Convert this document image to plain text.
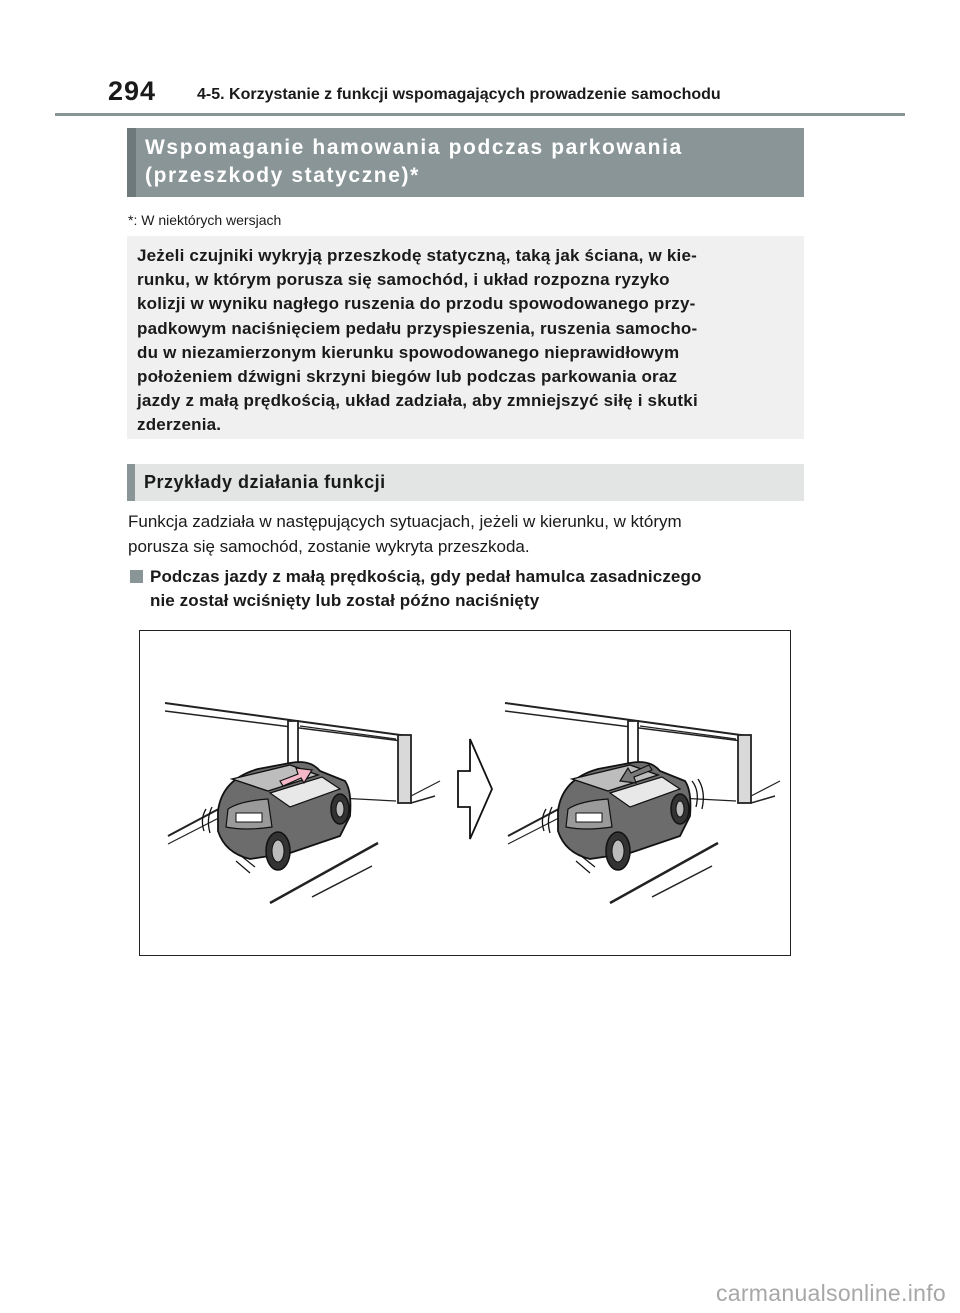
294	4-5. Korzystanie z funkcji wspomagających prowadzenie samochodu
Wspomaganie hamowania podczas parkowania
(przeszkody statyczne)*
*: W niektórych wersjach
Jeżeli czujniki wykryją przeszkodę statyczną, taką jak ściana, w kie-
runku, w którym porusza się samochód, i układ rozpozna ryzyko
kolizji w wyniku nagłego ruszenia do przodu spowodowanego przy-
padkowym naciśnięciem pedału przyspieszenia, ruszenia samocho-
du w niezamierzonym kierunku spowodowanego nieprawidłowym
położeniem dźwigni skrzyni biegów lub podczas parkowania oraz
jazdy z małą prędkością, układ zadziała, aby zmniejszyć siłę i skutki
zderzenia.
Przykłady działania funkcji
Funkcja zadziała w następujących sytuacjach, jeżeli w kierunku, w którym
porusza się samochód, zostanie wykryta przeszkoda.
Podczas jazdy z małą prędkością, gdy pedał hamulca zasadniczego
nie został wciśnięty lub został późno naciśnięty
carmanualsonline.info
